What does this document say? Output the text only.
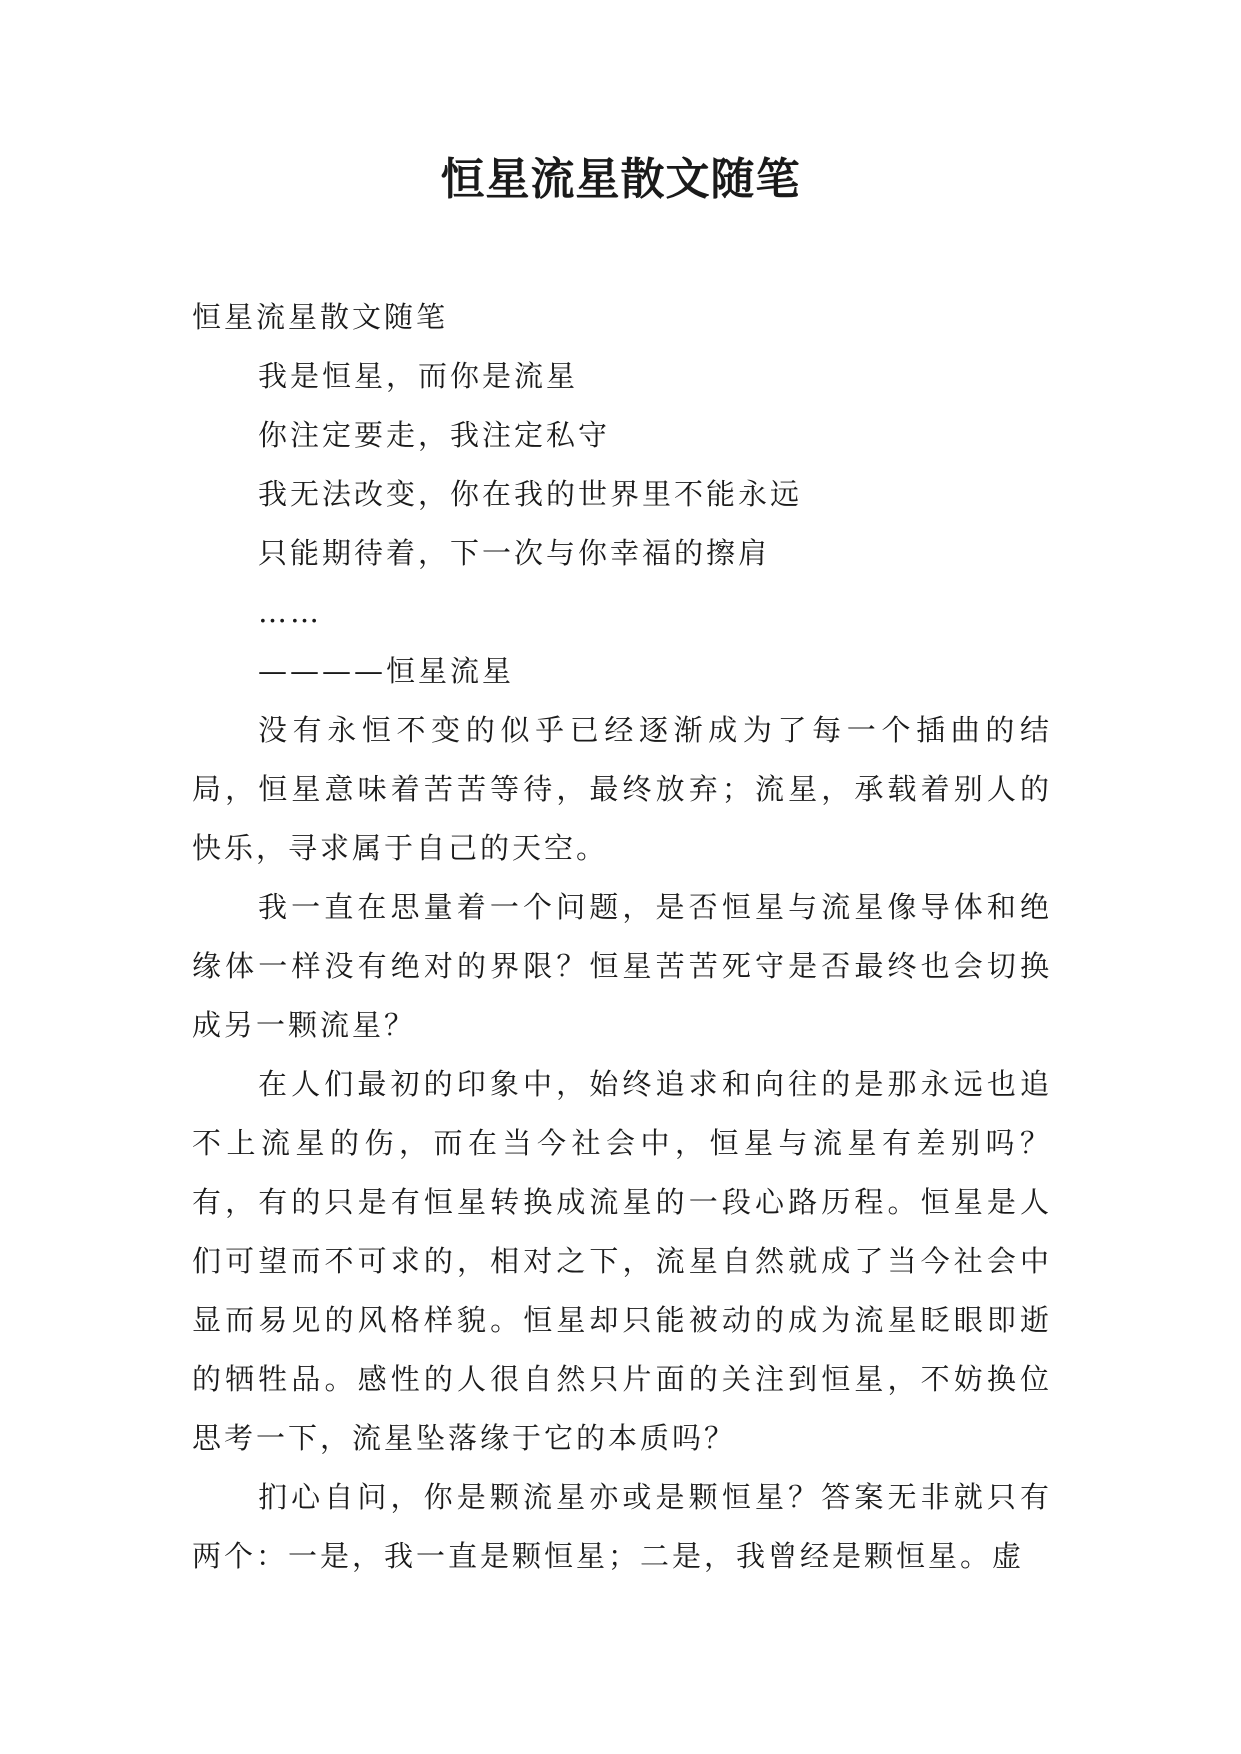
恒星流星散文随笔

恒星流星散文随笔

我是恒星，而你是流星

你注定要走，我注定私守

我无法改变，你在我的世界里不能永远

只能期待着，下一次与你幸福的擦肩

……

————恒星流星

没有永恒不变的似乎已经逐渐成为了每一个插曲的结局，恒星意味着苦苦等待，最终放弃；流星，承载着别人的快乐，寻求属于自己的天空。

我一直在思量着一个问题，是否恒星与流星像导体和绝缘体一样没有绝对的界限？恒星苦苦死守是否最终也会切换成另一颗流星？

在人们最初的印象中，始终追求和向往的是那永远也追不上流星的伤，而在当今社会中，恒星与流星有差别吗？有，有的只是有恒星转换成流星的一段心路历程。恒星是人们可望而不可求的，相对之下，流星自然就成了当今社会中显而易见的风格样貌。恒星却只能被动的成为流星眨眼即逝的牺牲品。感性的人很自然只片面的关注到恒星，不妨换位思考一下，流星坠落缘于它的本质吗？

扪心自问，你是颗流星亦或是颗恒星？答案无非就只有两个：一是，我一直是颗恒星；二是，我曾经是颗恒星。虚
